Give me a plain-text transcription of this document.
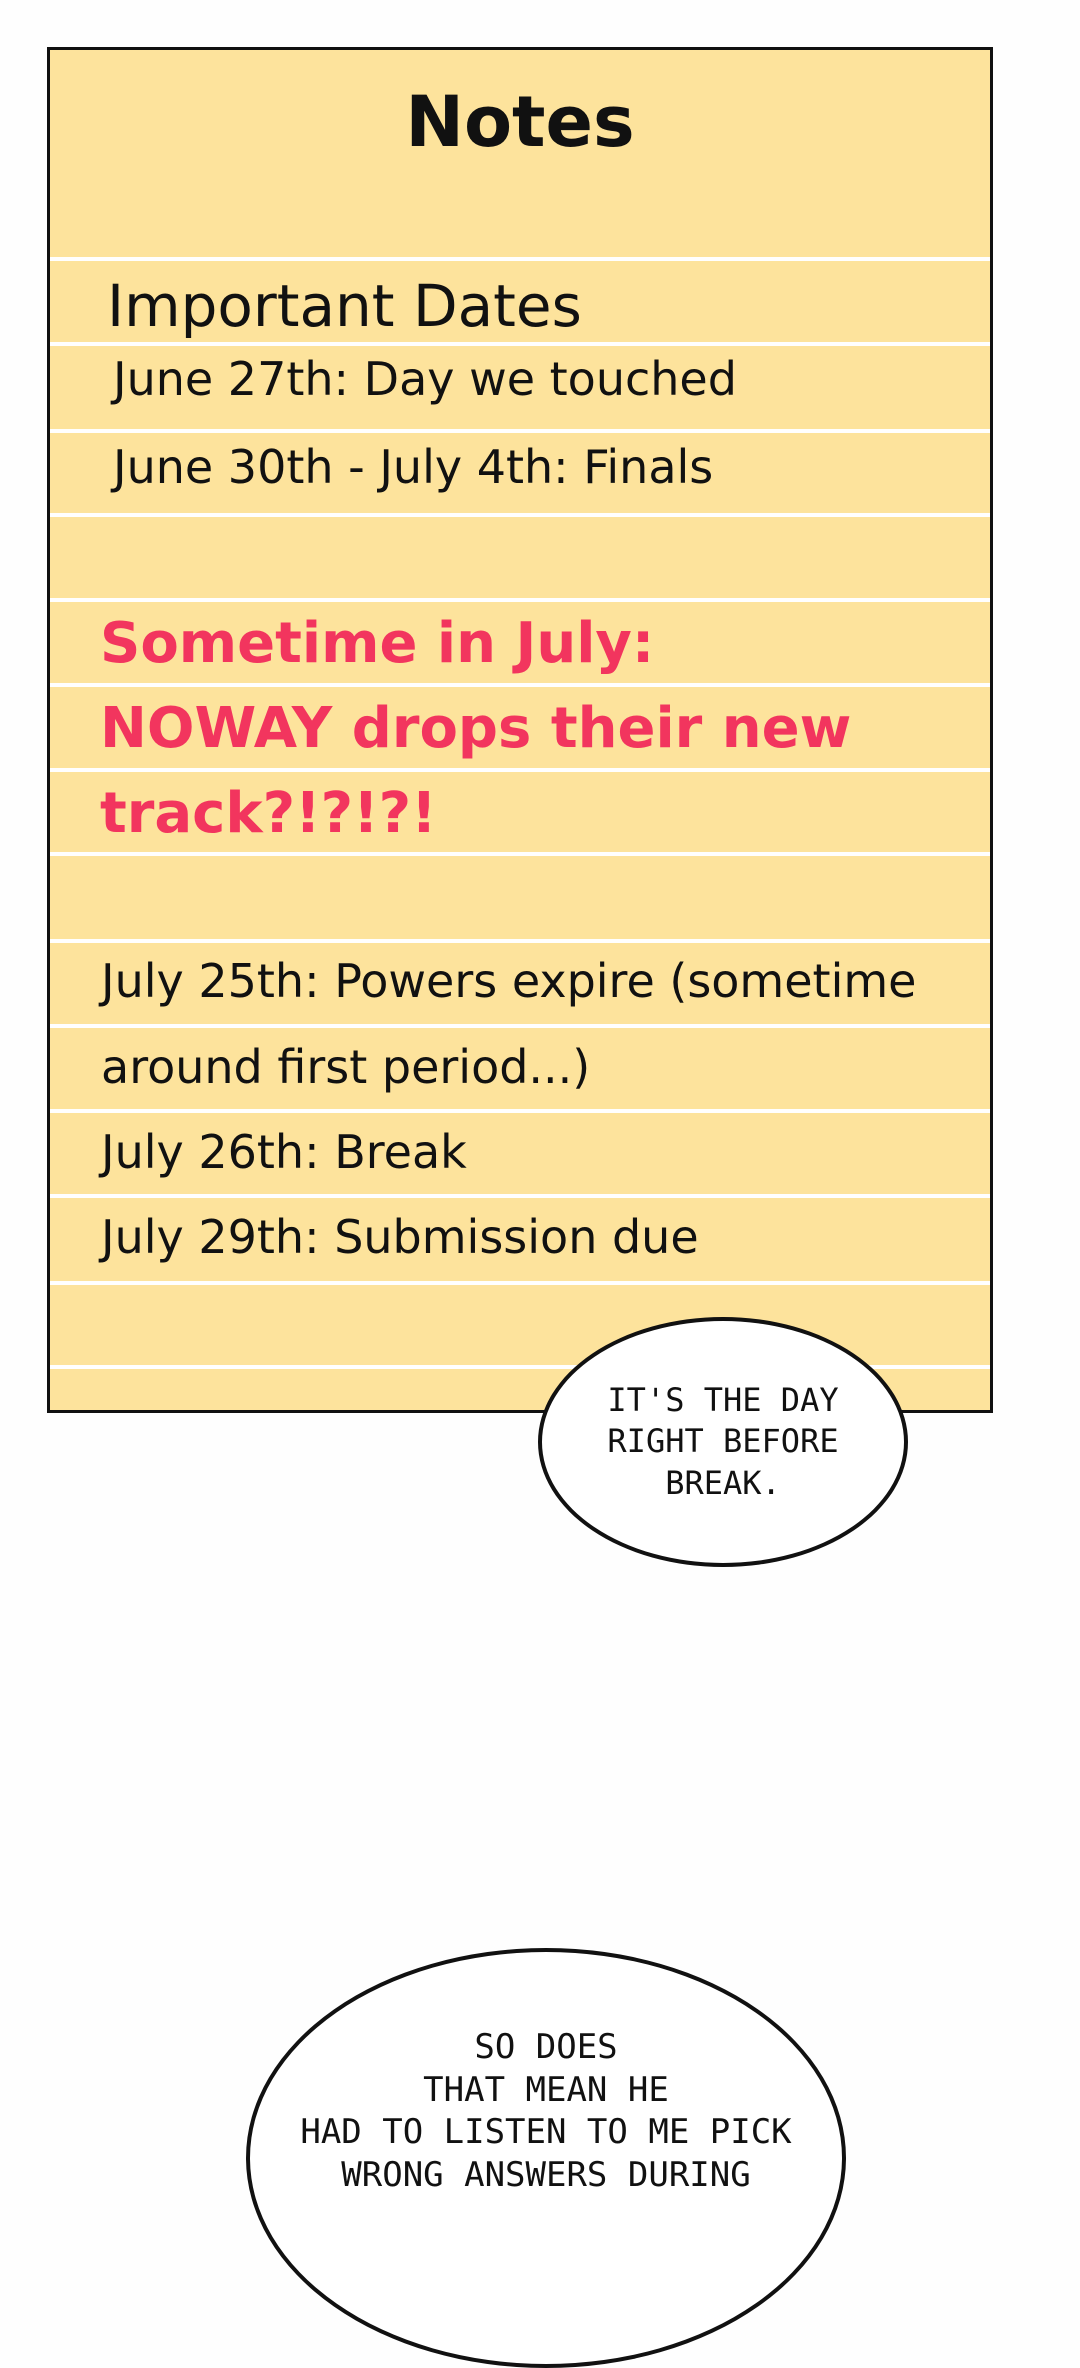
Notes
Important Dates
June 27th: Day we touched
June 30th - July 4th: Finals
Sometime in July:
NOWAY drops their new
track?!?!?!
July 25th: Powers expire (sometime
around first period...)
July 26th: Break
July 29th: Submission due
IT'S THE DAY
RIGHT BEFORE
BREAK.
SO DOES
THAT MEAN HE
HAD TO LISTEN TO ME PICK
WRONG ANSWERS DURING
